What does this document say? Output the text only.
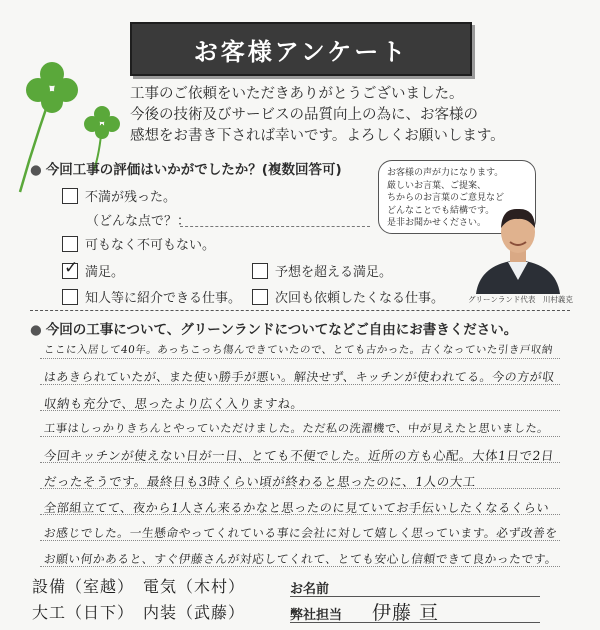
お客様アンケート
工事のご依頼をいただきありがとうございました。
今後の技術及びサービスの品質向上の為に、お客様の
感想をお書き下されば幸いです。よろしくお願いします。
● 今回工事の評価はいかがでしたか？(複数回答可)
不満が残った。
（どんな点で？：
可もなく不可もない。
✓ 満足。	予想を超える満足。
知人等に紹介できる仕事。	次回も依頼したくなる仕事。
お客様の声が力になります。
厳しいお言葉、ご提案、
ちからのお言葉のご意見など
どんなことでも結構です。
是非お聞かせください。
グリーンランド代表　川村義克
● 今回の工事について、グリーンランドについてなどご自由にお書きください。
ここに入居して40年。あっちこっち傷んできていたので、とても古かった。古くなっていた引き戸収納
はあきられていたが、また使い勝手が悪い。解決せず、キッチンが使われてる。今の方が収
収納も充分で、思ったより広く入りますね。
工事はしっかりきちんとやっていただけました。ただ私の洗濯機で、中が見えたと思いました。
今回キッチンが使えない日が一日、とても不便でした。近所の方も心配。大体1日で2日
だったそうです。最終日も3時くらい頃が終わると思ったのに、1人の大工
全部組立てて、夜から1人さん来るかなと思ったのに見ていてお手伝いしたくなるくらい
お感じでした。一生懸命やってくれている事に会社に対して嬉しく思っています。必ず改善を
お願い何かあると、すぐ伊藤さんが対応してくれて、とても安心し信頼できて良かったです。
設備（室越）　電気（木村）
大工（日下）　内装（武藤）
お名前
弊社担当 伊藤 亘
